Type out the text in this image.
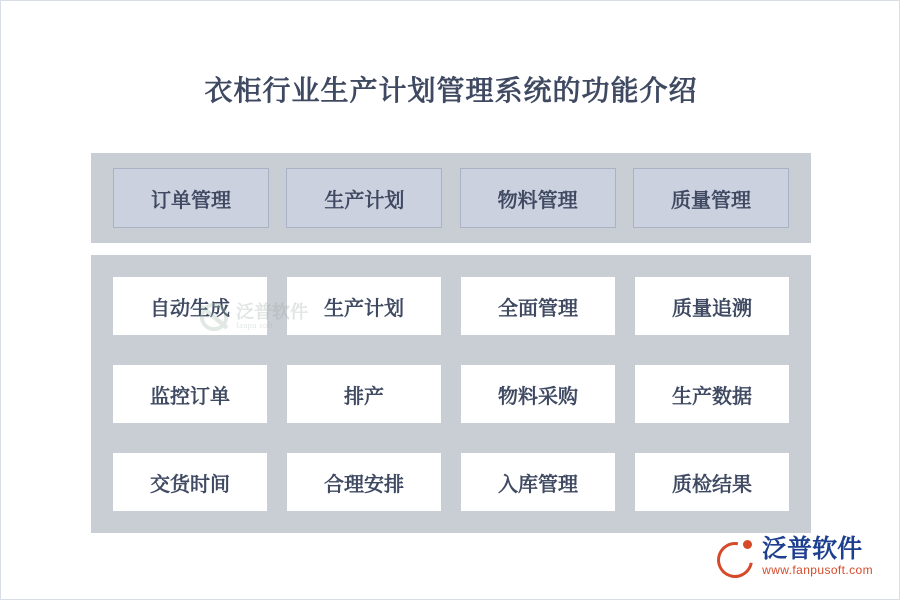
衣柜行业生产计划管理系统的功能介绍
订单管理	生产计划	物料管理	质量管理
自动生成	生产计划	全面管理	质量追溯
监控订单	排产	物料采购	生产数据
交货时间	合理安排	入库管理	质检结果
泛普软件
fanpu soft
泛普软件
www.fanpusoft.com
